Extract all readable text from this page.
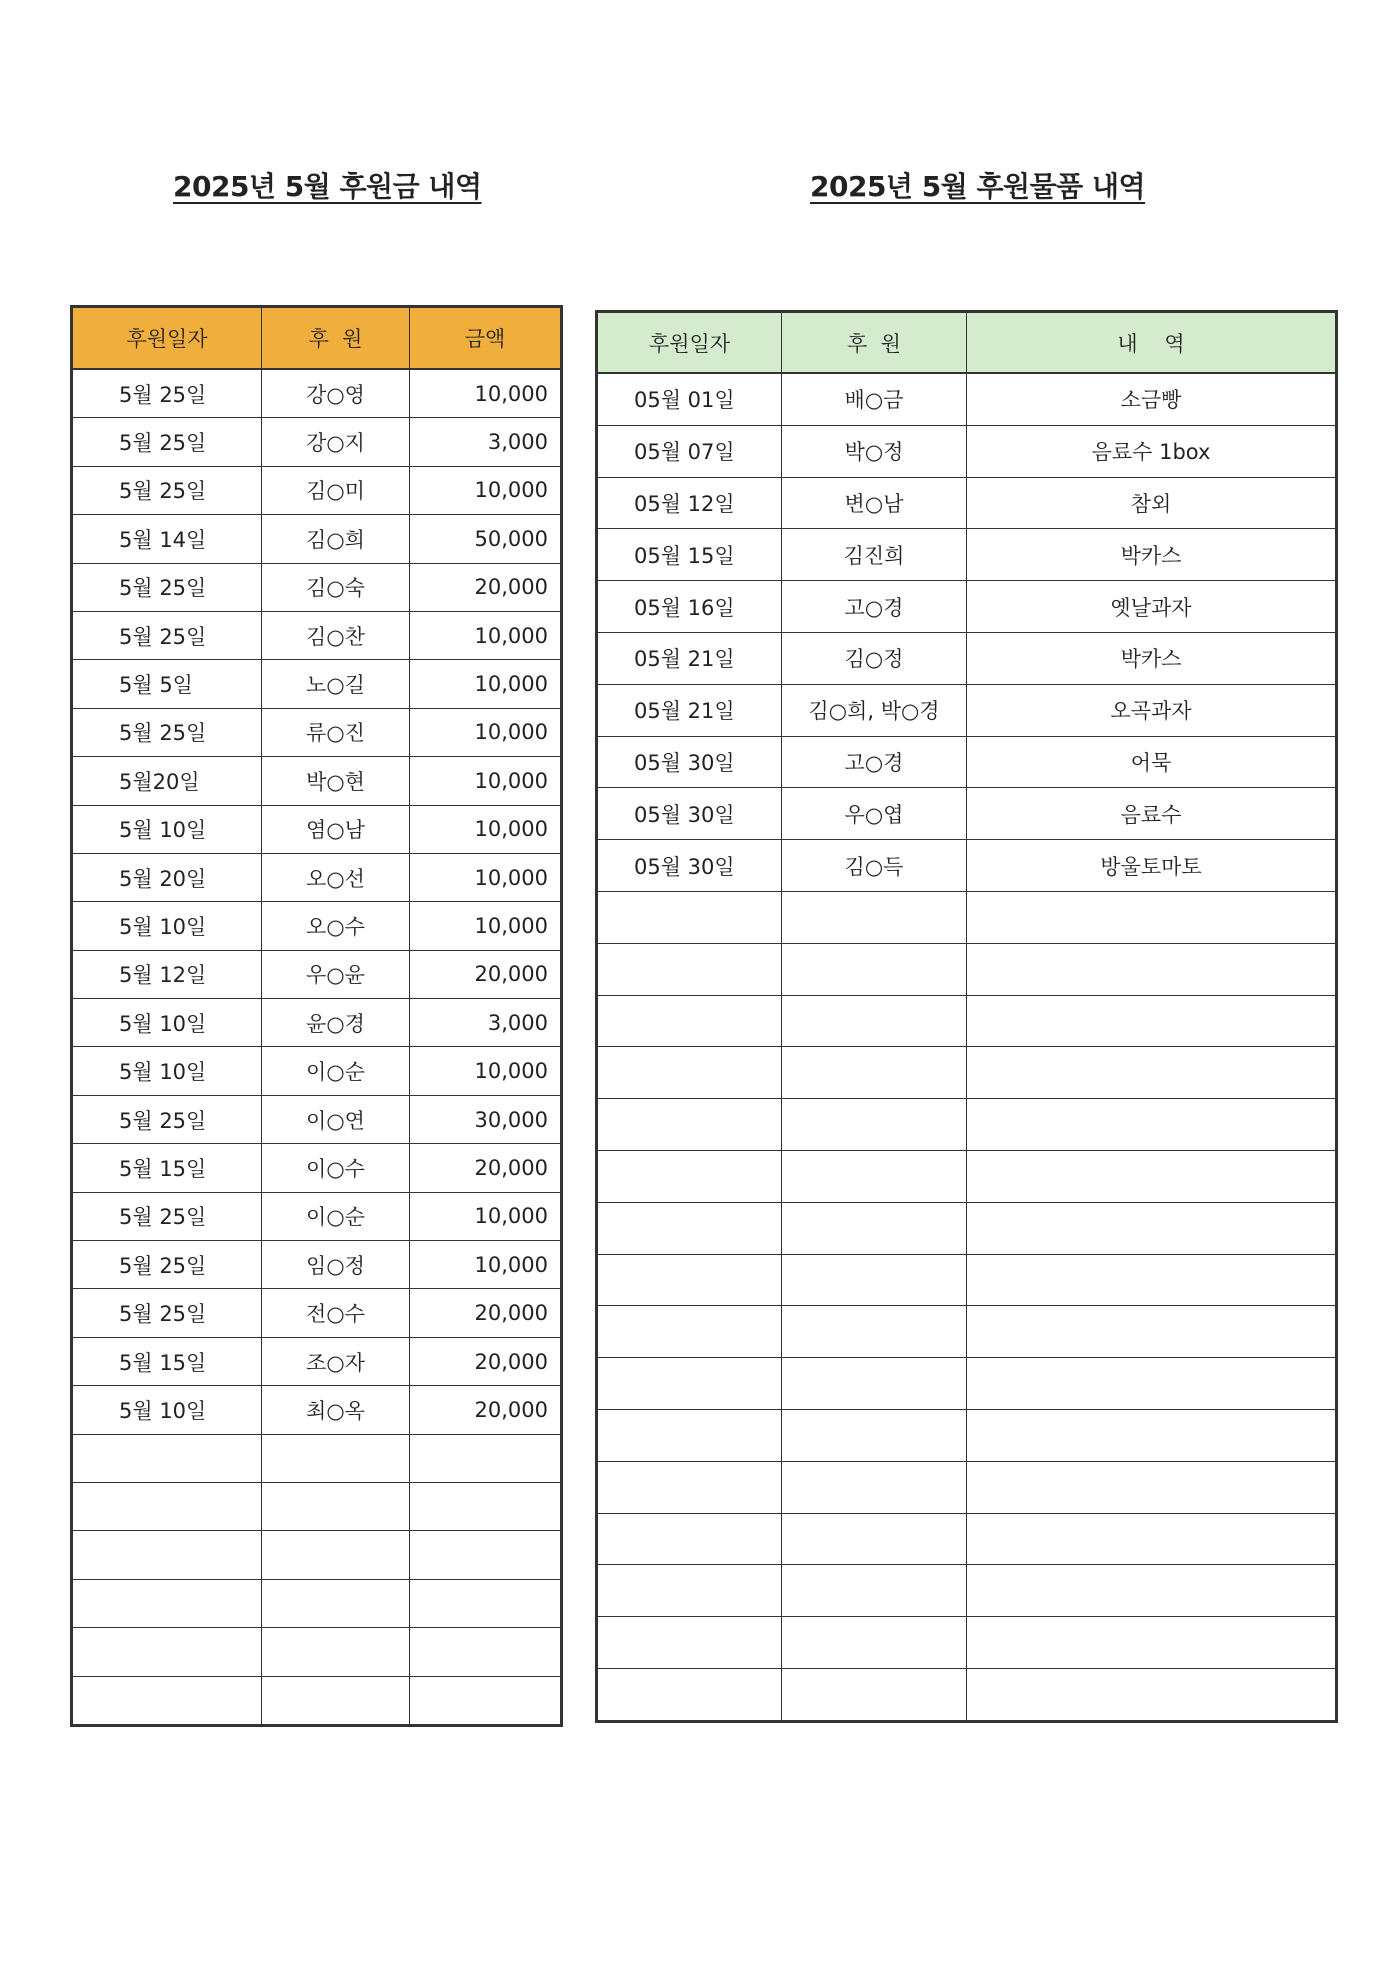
2025년 5월 후원금 내역	2025년 5월 후원물품 내역
후원일자	후  원	금액
5월 25일	강○영	10,000
5월 25일	강○지	3,000
5월 25일	김○미	10,000
5월 14일	김○희	50,000
5월 25일	김○숙	20,000
5월 25일	김○찬	10,000
5월 5일	노○길	10,000
5월 25일	류○진	10,000
5월20일	박○현	10,000
5월 10일	염○남	10,000
5월 20일	오○선	10,000
5월 10일	오○수	10,000
5월 12일	우○윤	20,000
5월 10일	윤○경	3,000
5월 10일	이○순	10,000
5월 25일	이○연	30,000
5월 15일	이○수	20,000
5월 25일	이○순	10,000
5월 25일	임○정	10,000
5월 25일	전○수	20,000
5월 15일	조○자	20,000
5월 10일	최○옥	20,000

후원일자	후  원	내    역
05월 01일	배○금	소금빵
05월 07일	박○정	음료수 1box
05월 12일	변○남	참외
05월 15일	김진희	박카스
05월 16일	고○경	옛날과자
05월 21일	김○정	박카스
05월 21일	김○희, 박○경	오곡과자
05월 30일	고○경	어묵
05월 30일	우○엽	음료수
05월 30일	김○득	방울토마토
